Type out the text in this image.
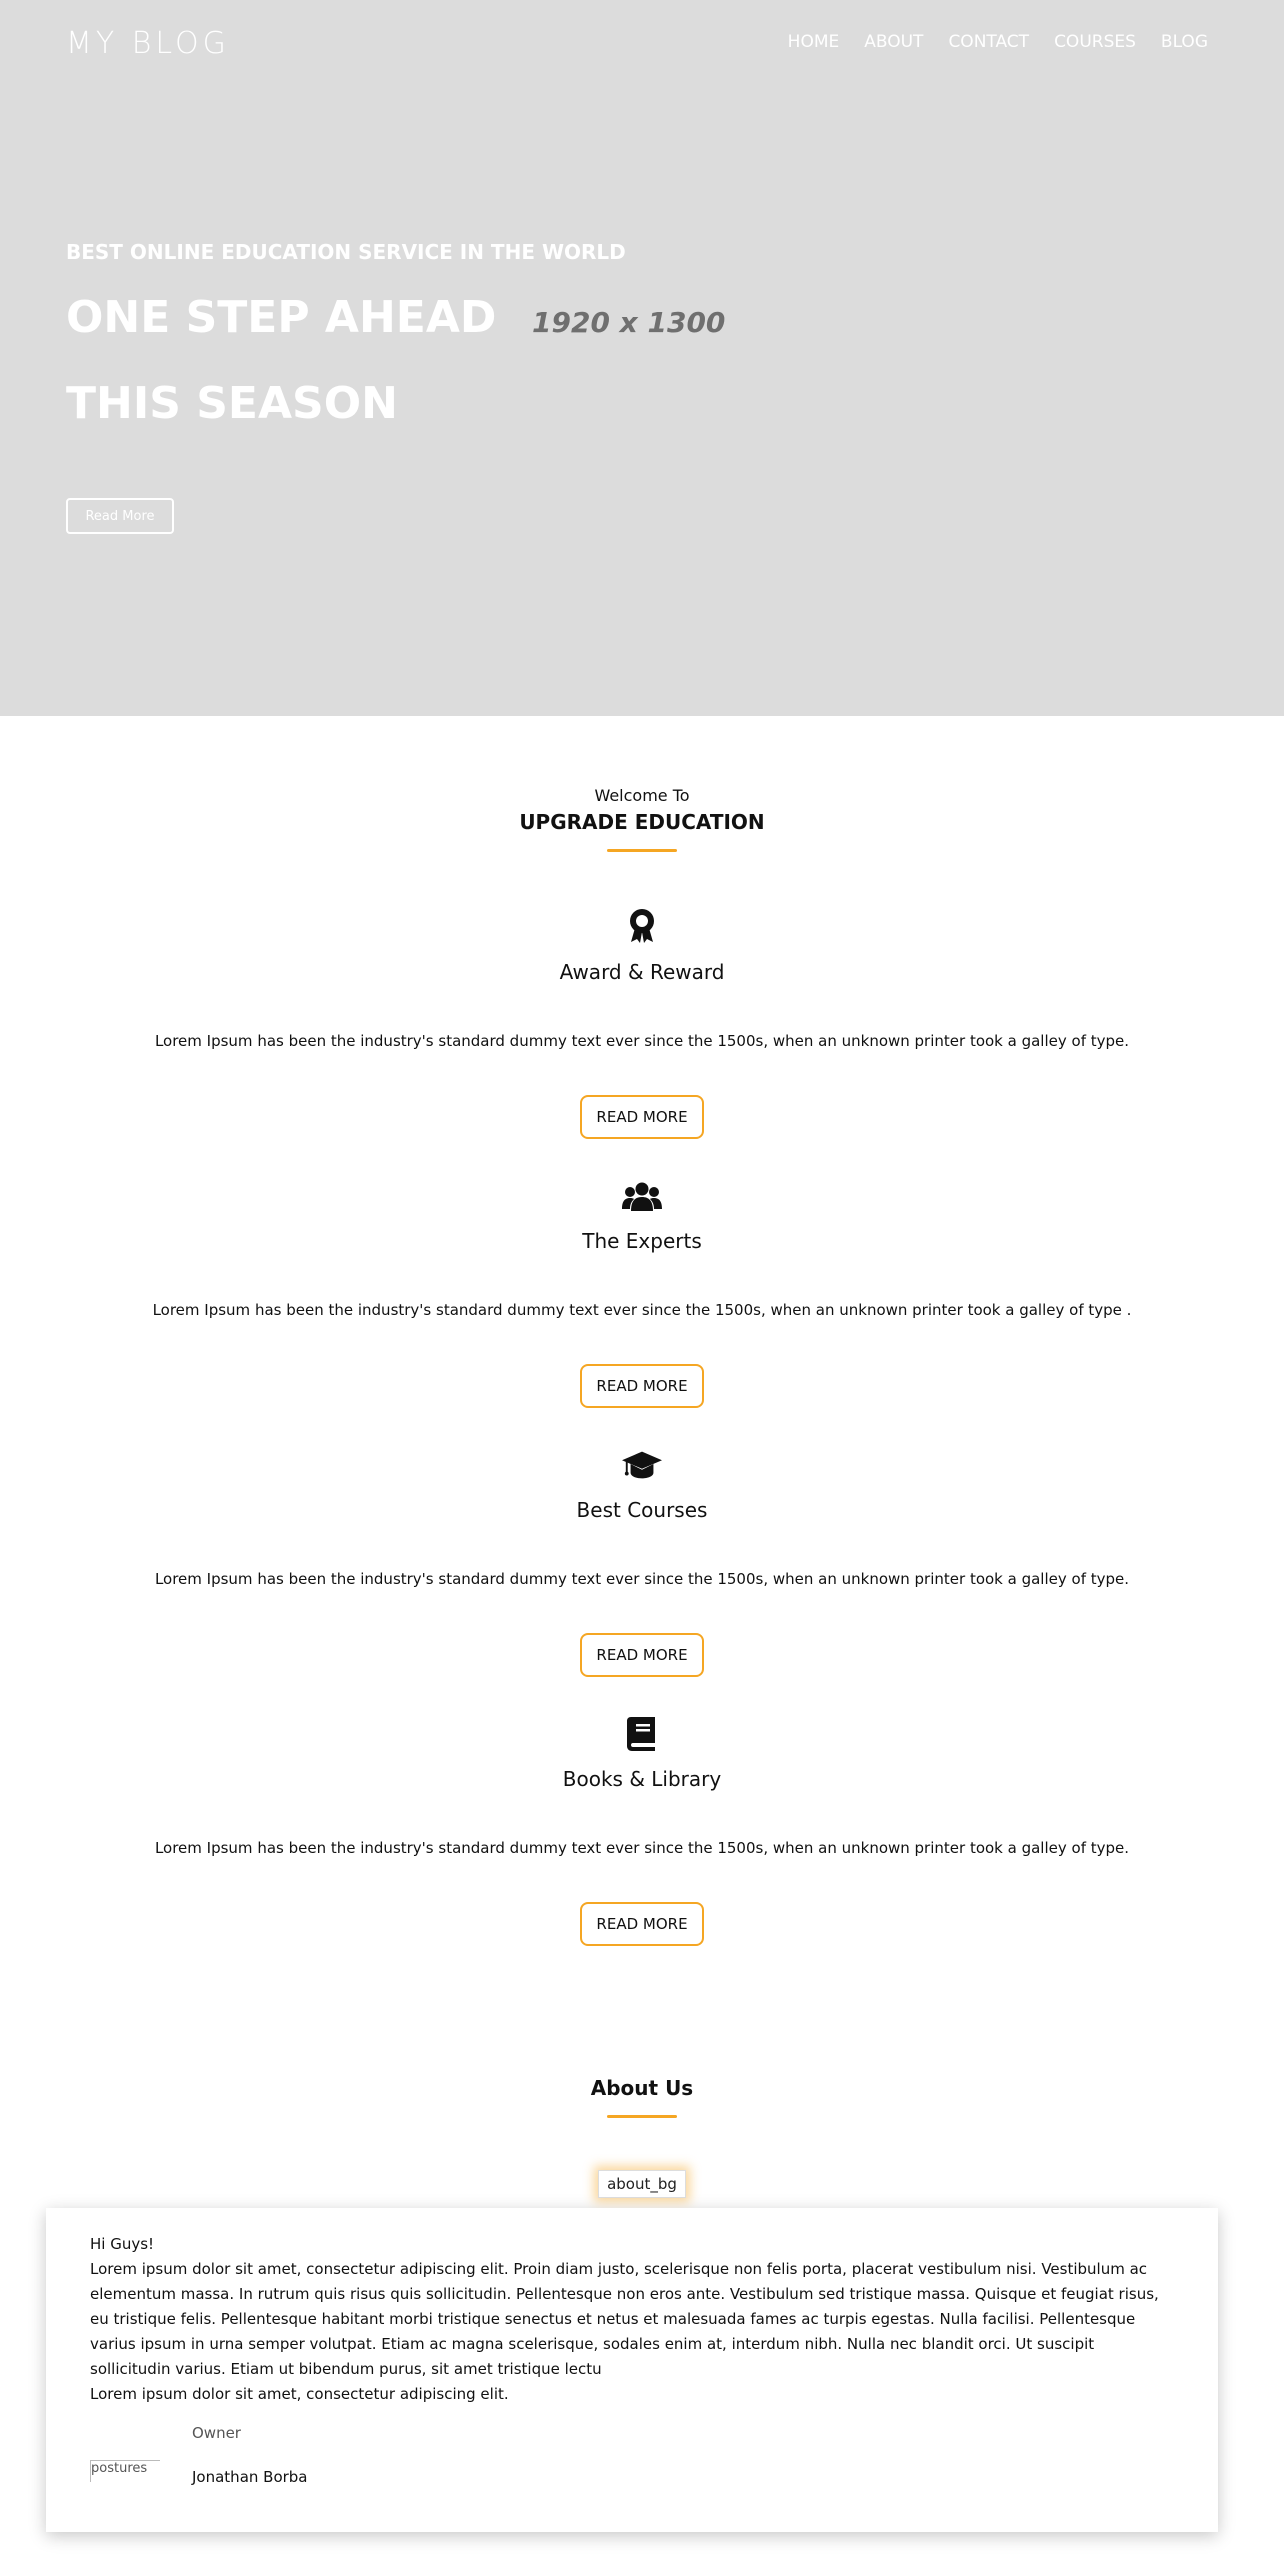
MY BLOG	HOME ABOUT CONTACT COURSES BLOG
BEST ONLINE EDUCATION SERVICE IN THE WORLD
ONE STEP AHEAD
THIS SEASON
1920 x 1300
Read More
Welcome To
UPGRADE EDUCATION
Award & Reward
Lorem Ipsum has been the industry's standard dummy text ever since the 1500s, when an unknown printer took a galley of type.
READ MORE
The Experts
Lorem Ipsum has been the industry's standard dummy text ever since the 1500s, when an unknown printer took a galley of type .
READ MORE
Best Courses
Lorem Ipsum has been the industry's standard dummy text ever since the 1500s, when an unknown printer took a galley of type.
READ MORE
Books & Library
Lorem Ipsum has been the industry's standard dummy text ever since the 1500s, when an unknown printer took a galley of type.
READ MORE
About Us
about_bg
Hi Guys!
Lorem ipsum dolor sit amet, consectetur adipiscing elit. Proin diam justo, scelerisque non felis porta, placerat vestibulum nisi. Vestibulum ac elementum massa. In rutrum quis risus quis sollicitudin. Pellentesque non eros ante. Vestibulum sed tristique massa. Quisque et feugiat risus, eu tristique felis. Pellentesque habitant morbi tristique senectus et netus et malesuada fames ac turpis egestas. Nulla facilisi. Pellentesque varius ipsum in urna semper volutpat. Etiam ac magna scelerisque, sodales enim at, interdum nibh. Nulla nec blandit orci. Ut suscipit sollicitudin varius. Etiam ut bibendum purus, sit amet tristique lectu
Lorem ipsum dolor sit amet, consectetur adipiscing elit.
Owner
postures	Jonathan Borba
